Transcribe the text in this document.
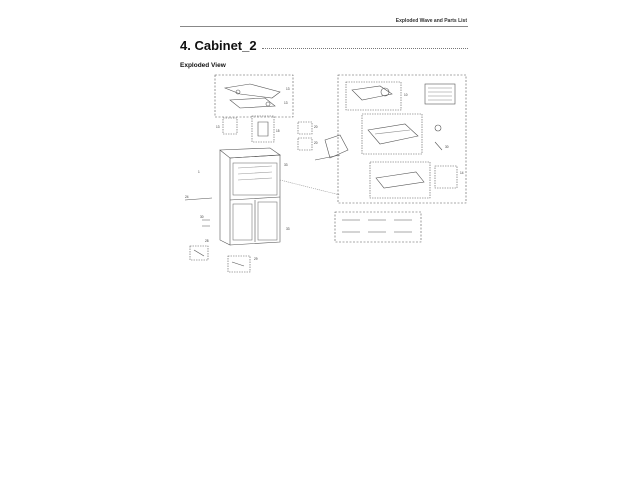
Exploded Wave and Parts List
4. Cabinet_2
Exploded View
13
13
13
15
33
1
24
33
30
28
29
20
20
30
14
10
